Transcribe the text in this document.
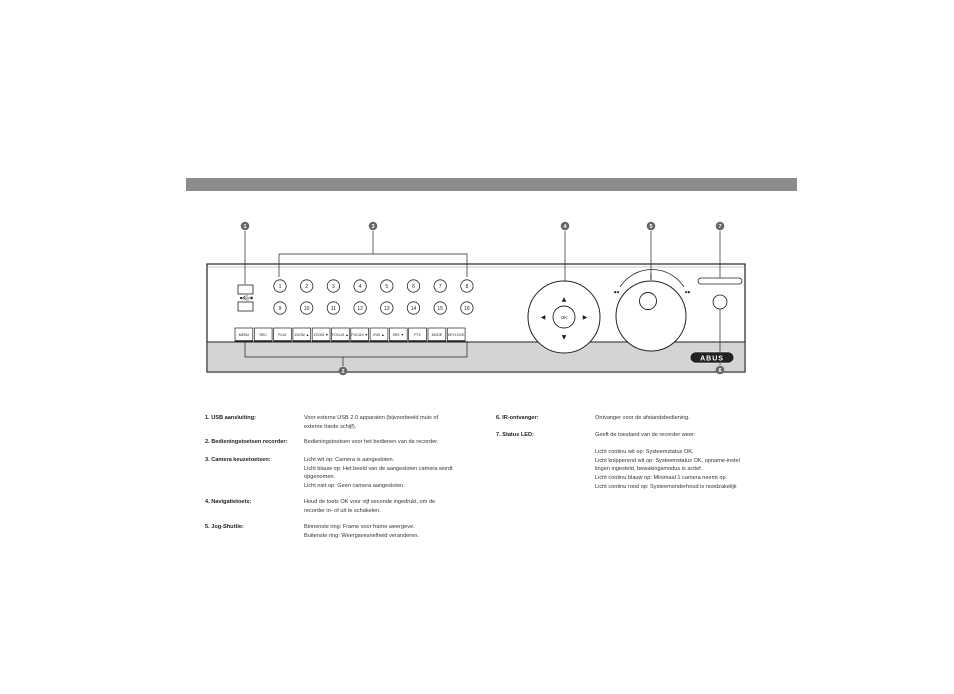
1	3	4	5	7
2	6
1	2	3	4	5	6	7	8
9	10	11	12	13	14	15	16
MENU	REC	PLAY ZOOM ▲ ZOOM ▼ FOCUS ▲ FOCUS ▼ IRIS ▲ IRIS ▼	PTZ	MODE KEYLOCK
OK
▲
▼
◀	▶
◀◀	▶▶
ABUS
1. USB aansluiting:	Voor externe USB 2.0 apparaten (bijvoorbeeld muis of
externe harde schijf).
2. Bedieningstoetsen recorder:	Bedieningstoetsen voor het bedienen van de recorder.
3. Camera keuzetoetsen:	Licht wit op: Camera is aangesloten.
Licht blauw op: Het beeld van de aangesloten camera wordt
opgenomen.
Licht niet op: Geen camera aangesloten.
4. Navigatietoets:	Houd de toets OK voor vijf seconde ingedrukt, om de
recorder in- of uit te schakelen.
5. Jog-Shuttle:	Binnenste ring: Frame voor frame weergeve.
Buitenste ring: Weergavesnelheid veranderen.
6. IR-ontvanger:	Ontvanger voor de afstandsbediening.
7. Status LED:	Geeft de toestand van de recorder weer:

Licht continu wit op: Systeemstatus OK.
Licht knipperend wit op: Systeemstatus OK, opname-instel
lingen ingesteld, bewakingsmodus is actief.
Licht continu blauw op: Minimaal 1 camera neemt op.
Licht continu rood op: Systeemonderhoud is noodzakelijk
